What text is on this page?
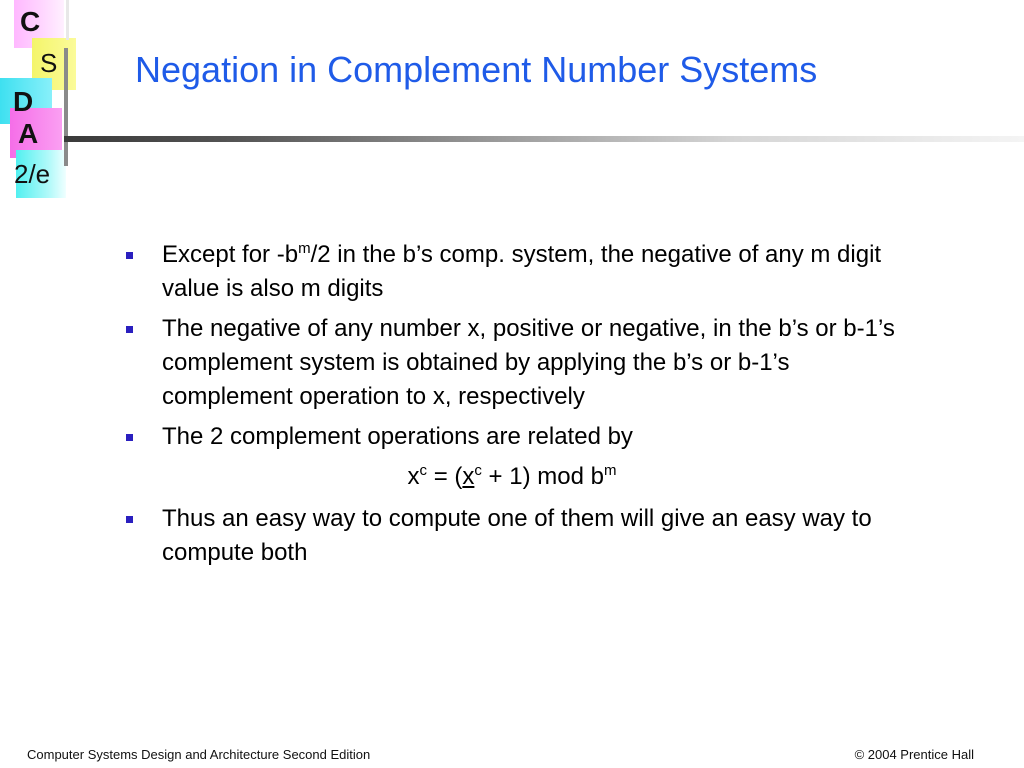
C
S
D
A
2/e
Negation in Complement Number Systems
Except for $-b^m/2$ in the b’s comp. system, the negative of any m digit value is also m digits
The negative of any number x, positive or negative, in the b’s or b-1’s complement system is obtained by applying the b’s or b-1’s complement operation to x, respectively
The 2 complement operations are related by
$x^c = (x^c + 1)$ mod $b^m$
Thus an easy way to compute one of them will give an easy way to compute both
Computer Systems Design and Architecture Second Edition	© 2004 Prentice Hall
